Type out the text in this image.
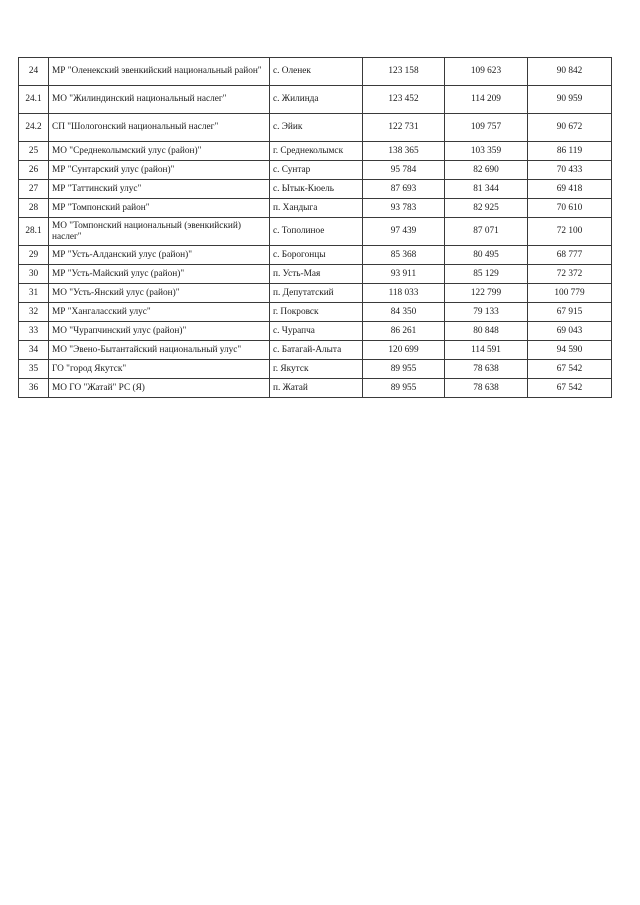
24	МР "Оленекский эвенкийский национальный район"	с. Оленек	123 158	109 623	90 842
24.1	МО "Жилиндинский национальный наслег"	с. Жилинда	123 452	114 209	90 959
24.2	СП "Шологонский национальный наслег"	с. Эйик	122 731	109 757	90 672
25	МО "Среднеколымский улус (район)"	г. Среднеколымск	138 365	103 359	86 119
26	МР "Сунтарский улус (район)"	с. Сунтар	95 784	82 690	70 433
27	МР "Таттинский улус"	с. Ытык-Кюель	87 693	81 344	69 418
28	МР "Томпонский район"	п. Хандыга	93 783	82 925	70 610
28.1	МО "Томпонский национальный (эвенкийский) наслег"	с. Тополиное	97 439	87 071	72 100
29	МР "Усть-Алданский улус (район)"	с. Борогонцы	85 368	80 495	68 777
30	МР "Усть-Майский улус (район)"	п. Усть-Мая	93 911	85 129	72 372
31	МО "Усть-Янский улус (район)"	п. Депутатский	118 033	122 799	100 779
32	МР "Хангаласский улус"	г. Покровск	84 350	79 133	67 915
33	МО "Чурапчинский улус (район)"	с. Чурапча	86 261	80 848	69 043
34	МО "Эвено-Бытантайский национальный улус"	с. Батагай-Алыта	120 699	114 591	94 590
35	ГО "город Якутск"	г. Якутск	89 955	78 638	67 542
36	МО ГО "Жатай" РС (Я)	п. Жатай	89 955	78 638	67 542
